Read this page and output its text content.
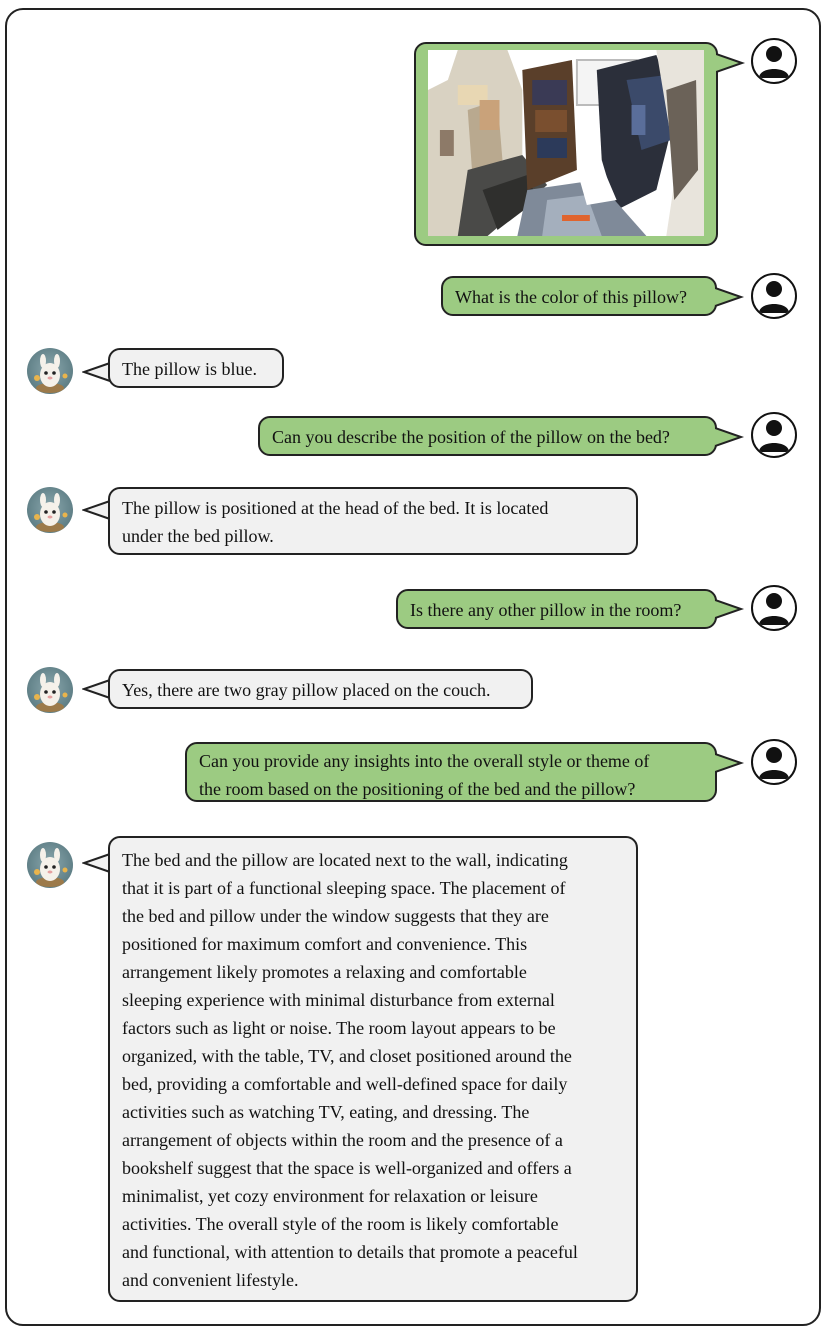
What is the color of this pillow?
The pillow is blue.
Can you describe the position of the pillow on the bed?
The pillow is positioned at the head of the bed. It is located
under the bed pillow.
Is there any other pillow in the room?
Yes, there are two gray pillow placed on the couch.
Can you provide any insights into the overall style or theme of
the room based on the positioning of the bed and the pillow?
The bed and the pillow are located next to the wall, indicating
that it is part of a functional sleeping space. The placement of
the bed and pillow under the window suggests that they are
positioned for maximum comfort and convenience. This
arrangement likely promotes a relaxing and comfortable
sleeping experience with minimal disturbance from external
factors such as light or noise. The room layout appears to be
organized, with the table, TV, and closet positioned around the
bed, providing a comfortable and well-defined space for daily
activities such as watching TV, eating, and dressing. The
arrangement of objects within the room and the presence of a
bookshelf suggest that the space is well-organized and offers a
minimalist, yet cozy environment for relaxation or leisure
activities. The overall style of the room is likely comfortable
and functional, with attention to details that promote a peaceful
and convenient lifestyle.
